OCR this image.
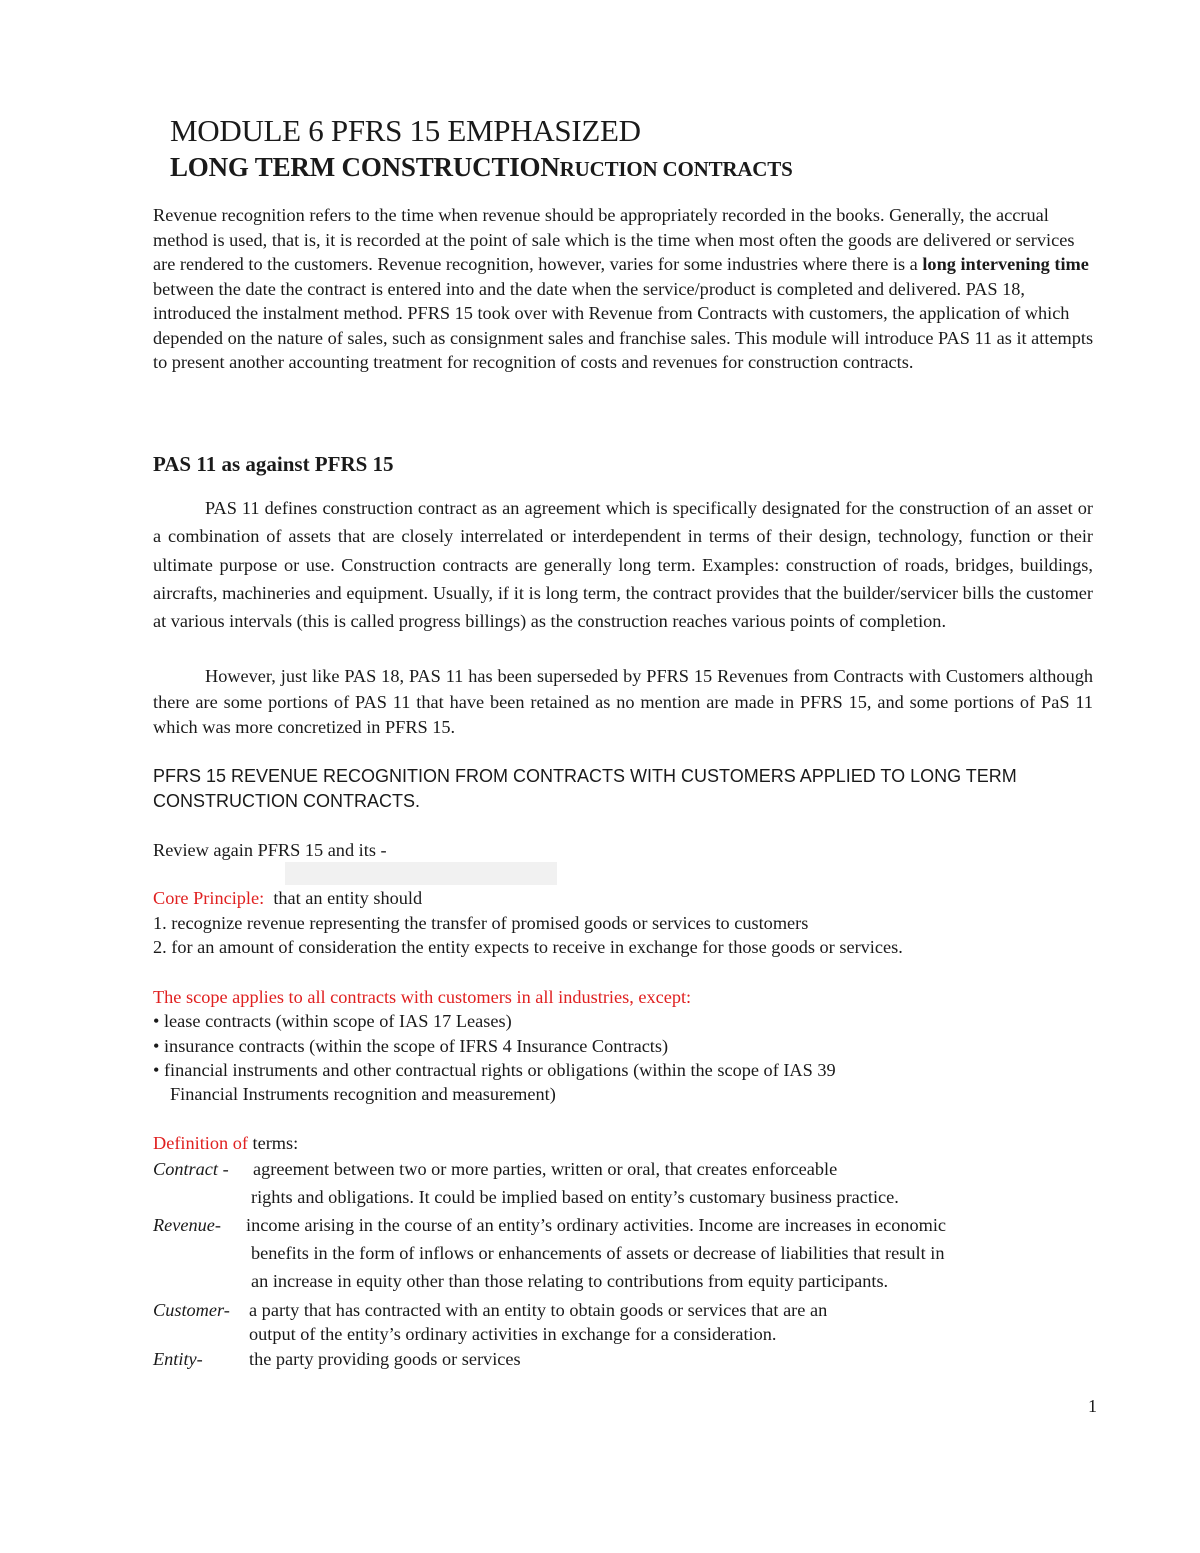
MODULE 6 PFRS 15 EMPHASIZED
LONG TERM CONSTRUCTIONRUCTION CONTRACTS
Revenue recognition refers to the time when revenue should be appropriately recorded in the books. Generally, the accrual method is used, that is, it is recorded at the point of sale which is the time when most often the goods are delivered or services are rendered to the customers. Revenue recognition, however, varies for some industries where there is a long intervening time between the date the contract is entered into and the date when the service/product is completed and delivered. PAS 18, introduced the instalment method. PFRS 15 took over with Revenue from Contracts with customers, the application of which depended on the nature of sales, such as consignment sales and franchise sales. This module will introduce PAS 11 as it attempts to present another accounting treatment for recognition of costs and revenues for construction contracts.
PAS 11 as against PFRS 15
PAS 11 defines construction contract as an agreement which is specifically designated for the construction of an asset or a combination of assets that are closely interrelated or interdependent in terms of their design, technology, function or their ultimate purpose or use. Construction contracts are generally long term. Examples: construction of roads, bridges, buildings, aircrafts, machineries and equipment. Usually, if it is long term, the contract provides that the builder/servicer bills the customer at various intervals (this is called progress billings) as the construction reaches various points of completion.
However, just like PAS 18, PAS 11 has been superseded by PFRS 15 Revenues from Contracts with Customers although there are some portions of PAS 11 that have been retained as no mention are made in PFRS 15, and some portions of PaS 11 which was more concretized in PFRS 15.
PFRS 15 REVENUE RECOGNITION FROM CONTRACTS WITH CUSTOMERS APPLIED TO LONG TERM CONSTRUCTION CONTRACTS.
Review again PFRS 15 and its -
Core Principle:  that an entity should
1. recognize revenue representing the transfer of promised goods or services to customers
2. for an amount of consideration the entity expects to receive in exchange for those goods or services.
The scope applies to all contracts with customers in all industries, except:
• lease contracts (within scope of IAS 17 Leases)
• insurance contracts (within the scope of IFRS 4 Insurance Contracts)
• financial instruments and other contractual rights or obligations (within the scope of IAS 39
Financial Instruments recognition and measurement)
Definition of terms:
Contract - agreement between two or more parties, written or oral, that creates enforceable
rights and obligations. It could be implied based on entity’s customary business practice.
Revenue- income arising in the course of an entity’s ordinary activities. Income are increases in economic
benefits in the form of inflows or enhancements of assets or decrease of liabilities that result in
an increase in equity other than those relating to contributions from equity participants.
Customer- a party that has contracted with an entity to obtain goods or services that are an
output of the entity’s ordinary activities in exchange for a consideration.
Entity-	the party providing goods or services
1
